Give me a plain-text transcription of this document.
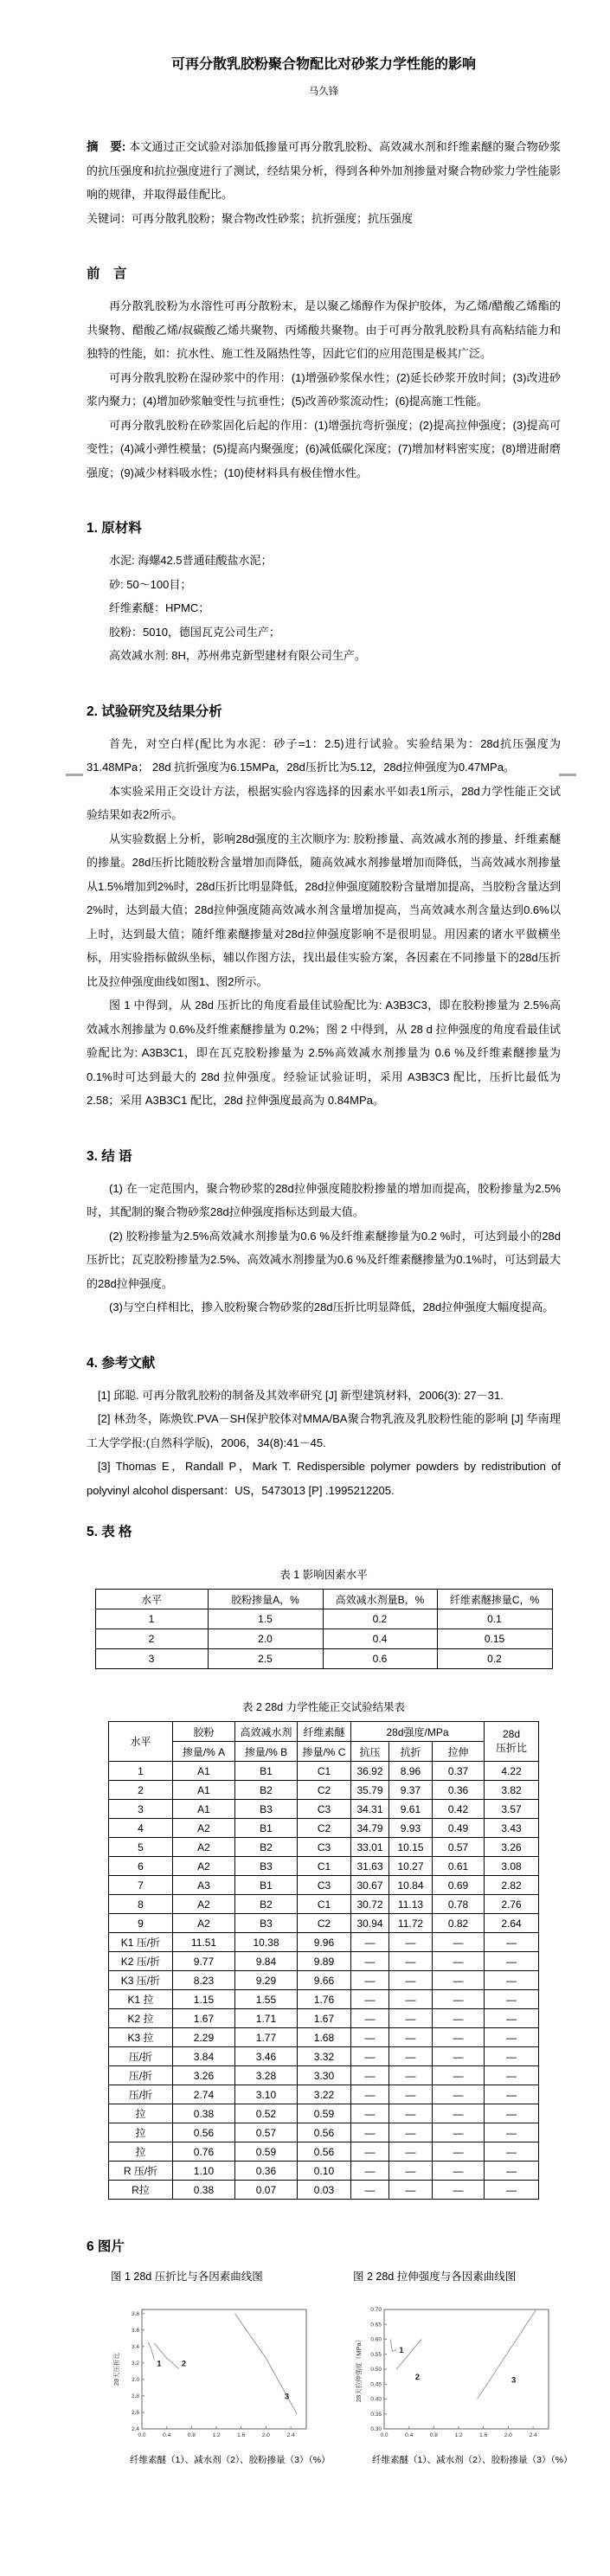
可再分散乳胶粉聚合物配比对砂浆力学性能的影响
马久锋

摘　要: 本文通过正交试验对添加低掺量可再分散乳胶粉、高效减水剂和纤维素醚的聚合物砂浆的抗压强度和抗拉强度进行了测试，经结果分析，得到各种外加剂掺量对聚合物砂浆力学性能影响的规律，并取得最佳配比。

关键词：可再分散乳胶粉；聚合物改性砂浆；抗折强度；抗压强度

前　言

再分散乳胶粉为水溶性可再分散粉末，是以聚乙烯醇作为保护胶体，为乙烯/醋酸乙烯酯的共聚物、醋酸乙烯/叔碳酸乙烯共聚物、丙烯酸共聚物。由于可再分散乳胶粉具有高粘结能力和独特的性能，如：抗水性、施工性及隔热性等，因此它们的应用范围是极其广泛。

可再分散乳胶粉在湿砂浆中的作用：(1)增强砂浆保水性；(2)延长砂浆开放时间；(3)改进砂浆内聚力；(4)增加砂浆触变性与抗垂性；(5)改善砂浆流动性；(6)提高施工性能。

可再分散乳胶粉在砂浆固化后起的作用：(1)增强抗弯折强度；(2)提高拉伸强度；(3)提高可变性；(4)减小弹性模量；(5)提高内聚强度；(6)减低碳化深度；(7)增加材料密实度；(8)增进耐磨强度；(9)减少材料吸水性；(10)使材料具有极佳憎水性。

1. 原材料

水泥: 海螺42.5普通硅酸盐水泥；

砂: 50～100目；

纤维素醚：HPMC；

胶粉：5010，德国瓦克公司生产；

高效减水剂: 8H，苏州弗克新型建材有限公司生产。

2. 试验研究及结果分析

首先，对空白样(配比为水泥：砂子=1：2.5)进行试验。实验结果为：28d抗压强度为31.48MPa； 28d 抗折强度为6.15MPa，28d压折比为5.12，28d拉伸强度为0.47MPa。

本实验采用正交设计方法，根据实验内容选择的因素水平如表1所示，28d力学性能正交试验结果如表2所示。

从实验数据上分析，影响28d强度的主次顺序为: 胶粉掺量、高效减水剂的掺量、纤维素醚的掺量。28d压折比随胶粉含量增加而降低，随高效减水剂掺量增加而降低，当高效减水剂掺量从1.5%增加到2%时，28d压折比明显降低，28d拉伸强度随胶粉含量增加提高，当胶粉含量达到2%时，达到最大值；28d拉伸强度随高效减水剂含量增加提高，当高效减水剂含量达到0.6%以上时，达到最大值；随纤维素醚掺量对28d拉伸强度影响不是很明显。用因素的诸水平做横坐标，用实验指标做纵坐标，辅以作图方法，找出最佳实验方案，各因素在不同掺量下的28d压折比及拉伸强度曲线如图1、图2所示。

图 1 中得到，从 28d 压折比的角度看最佳试验配比为: A3B3C3，即在胶粉掺量为 2.5%高效减水剂掺量为 0.6%及纤维素醚掺量为 0.2%；图 2 中得到，从 28 d 拉伸强度的角度看最佳试验配比为: A3B3C1，即在瓦克胶粉掺量为 2.5%高效减水剂掺量为 0.6 %及纤维素醚掺量为 0.1%时可达到最大的 28d 拉伸强度。经验证试验证明，采用 A3B3C3 配比，压折比最低为 2.58；采用 A3B3C1 配比，28d 拉伸强度最高为 0.84MPa。

3. 结 语

(1) 在一定范围内，聚合物砂浆的28d拉伸强度随胶粉掺量的增加而提高，胶粉掺量为2.5%时，其配制的聚合物砂浆28d拉伸强度指标达到最大值。

(2) 胶粉掺量为2.5%高效减水剂掺量为0.6 %及纤维素醚掺量为0.2 %时，可达到最小的28d压折比；瓦克胶粉掺量为2.5%、高效减水剂掺量为0.6 %及纤维素醚掺量为0.1%时，可达到最大的28d拉伸强度。

(3)与空白样相比，掺入胶粉聚合物砂浆的28d压折比明显降低，28d拉伸强度大幅度提高。

4. 参考文献

[1] 邱聪. 可再分散乳胶粉的制备及其效率研究 [J] 新型建筑材料，2006(3): 27－31.

[2] 林劲冬，陈焕钦.PVA－SH保护胶体对MMA/BA聚合物乳液及乳胶粉性能的影响 [J] 华南理工大学学报:(自然科学版)，2006，34(8):41－45.

[3] Thomas E，Randall P，Mark T. Redispersible polymer powders by redistribution of polyvinyl alcohol dispersant：US，5473013 [P] .1995212205.

5. 表 格
表 1 影响因素水平
水平	胶粉掺量A，%	高效减水剂量B，%	纤维素醚掺量C，%
1	1.5	0.2	0.1
2	2.0	0.4	0.15
3	2.5	0.6	0.2
表 2 28d 力学性能正交试验结果表
水平	胶粉	高效减水剂	纤维素醚	28d强度/MPa			28d
压折比

	掺量/% A	掺量/% B	掺量/% C	抗压	抗折	拉伸	
1	A1	B1	C1	36.92	8.96	0.37	4.22
2	A1	B2	C2	35.79	9.37	0.36	3.82
3	A1	B3	C3	34.31	9.61	0.42	3.57
4	A2	B1	C2	34.79	9.93	0.49	3.43
5	A2	B2	C3	33.01	10.15	0.57	3.26
6	A2	B3	C1	31.63	10.27	0.61	3.08
7	A3	B1	C3	30.67	10.84	0.69	2.82
8	A2	B2	C1	30.72	11.13	0.78	2.76
9	A2	B3	C2	30.94	11.72	0.82	2.64
K1 压/折	11.51	10.38	9.96	—	—	—	—
K2 压/折	9.77	9.84	9.89	—	—	—	—
K3 压/折	8.23	9.29	9.66	—	—	—	—
K1 拉	1.15	1.55	1.76	—	—	—	—
K2 拉	1.67	1.71	1.67	—	—	—	—
K3 拉	2.29	1.77	1.68	—	—	—	—
压/折	3.84	3.46	3.32	—	—	—	—
压/折	3.26	3.28	3.30	—	—	—	—
压/折	2.74	3.10	3.22	—	—	—	—
拉	0.38	0.52	0.59	—	—	—	—
拉	0.56	0.57	0.56	—	—	—	—
拉	0.76	0.59	0.56	—	—	—	—
R 压/折	1.10	0.36	0.10	—	—	—	—
R拉	0.38	0.07	0.03	—	—	—	—
6 图片
图 1 28d 压折比与各因素曲线图
0.0	0.4	0.8	1.2	1.6	2.0	2.4
2.4
2.6
2.8
3.0
3.2
3.4
3.6
3.8
1 2
3
28天压折比
纤维素醚（1）、减水剂（2）、胶粉掺量（3）（%）
图 2 28d 拉伸强度与各因素曲线图
0.0	0.4	0.8	1.2	1.6	2.0	2.4
0.30
0.35
0.40
0.45
0.50
0.55
0.60
0.65
0.70
1
2	3
28天拉伸强度（MPa）
纤维素醚（1）、减水剂（2）、胶粉掺量（3）（%）
